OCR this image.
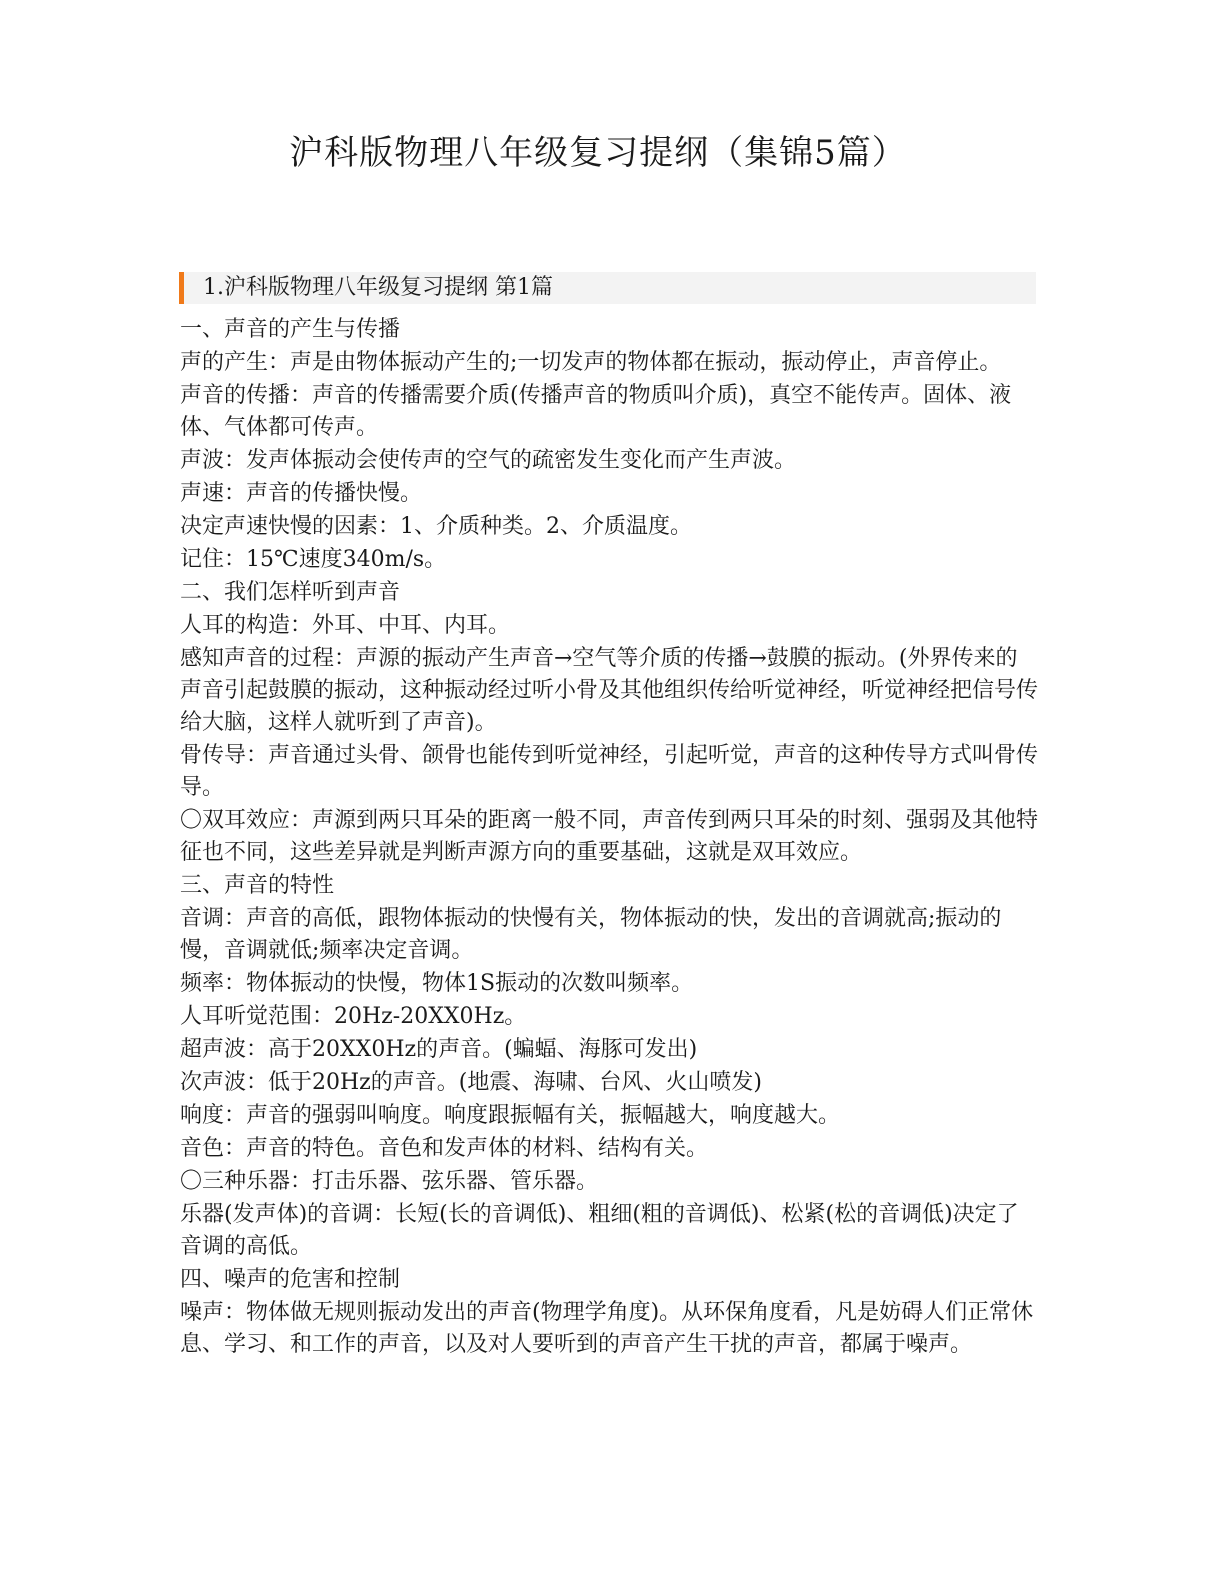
沪科版物理八年级复习提纲（集锦5篇）
1.沪科版物理八年级复习提纲 第1篇

一、声音的产生与传播

声的产生：声是由物体振动产生的;一切发声的物体都在振动，振动停止，声音停止。

声音的传播：声音的传播需要介质(传播声音的物质叫介质)，真空不能传声。固体、液体、气体都可传声。

声波：发声体振动会使传声的空气的疏密发生变化而产生声波。

声速：声音的传播快慢。

决定声速快慢的因素：1、介质种类。2、介质温度。

记住：15℃速度340m/s。

二、我们怎样听到声音

人耳的构造：外耳、中耳、内耳。

感知声音的过程：声源的振动产生声音→空气等介质的传播→鼓膜的振动。(外界传来的声音引起鼓膜的振动，这种振动经过听小骨及其他组织传给听觉神经，听觉神经把信号传给大脑，这样人就听到了声音)。

骨传导：声音通过头骨、颌骨也能传到听觉神经，引起听觉，声音的这种传导方式叫骨传导。

〇双耳效应：声源到两只耳朵的距离一般不同，声音传到两只耳朵的时刻、强弱及其他特征也不同，这些差异就是判断声源方向的重要基础，这就是双耳效应。

三、声音的特性

音调：声音的高低，跟物体振动的快慢有关，物体振动的快，发出的音调就高;振动的慢，音调就低;频率决定音调。

频率：物体振动的快慢，物体1S振动的次数叫频率。

人耳听觉范围：20Hz-20XX0Hz。

超声波：高于20XX0Hz的声音。(蝙蝠、海豚可发出)

次声波：低于20Hz的声音。(地震、海啸、台风、火山喷发)

响度：声音的强弱叫响度。响度跟振幅有关，振幅越大，响度越大。

音色：声音的特色。音色和发声体的材料、结构有关。

〇三种乐器：打击乐器、弦乐器、管乐器。

乐器(发声体)的音调：长短(长的音调低)、粗细(粗的音调低)、松紧(松的音调低)决定了音调的高低。

四、噪声的危害和控制

噪声：物体做无规则振动发出的声音(物理学角度)。从环保角度看，凡是妨碍人们正常休息、学习、和工作的声音，以及对人要听到的声音产生干扰的声音，都属于噪声。
